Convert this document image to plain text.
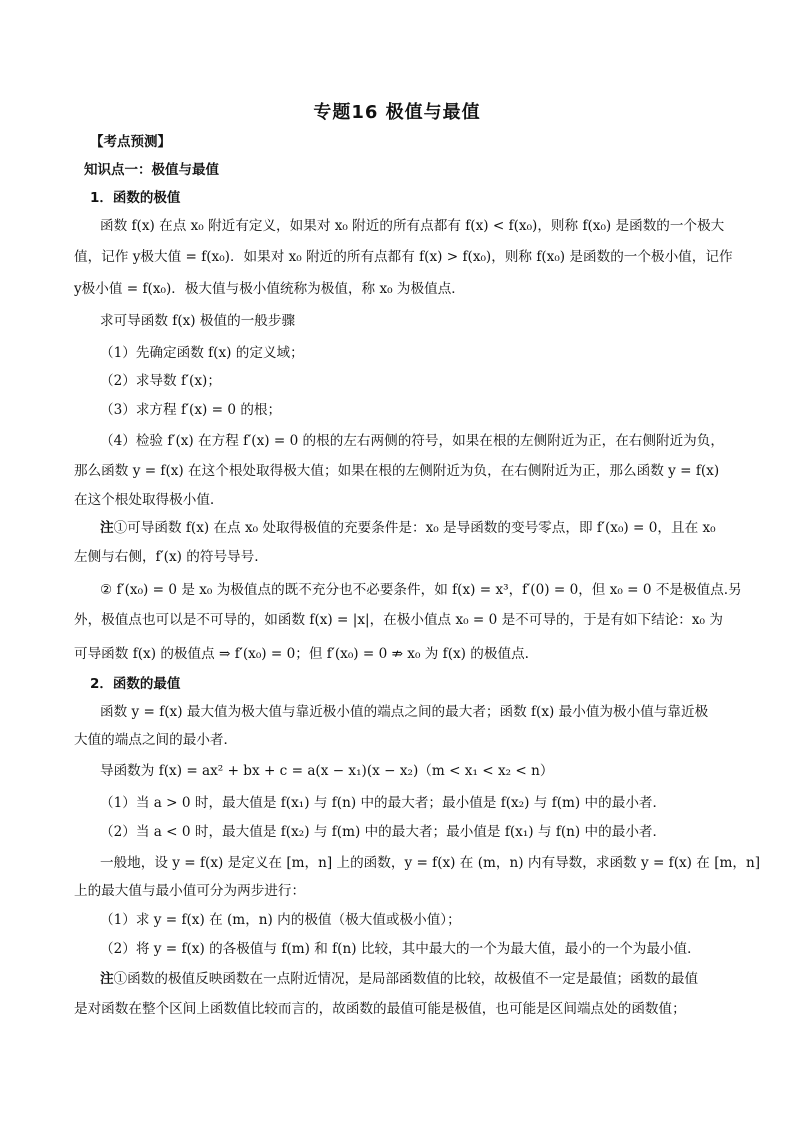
专题16 极值与最值
【考点预测】
知识点一：极值与最值
1．函数的极值
函数 f(x) 在点 x₀ 附近有定义，如果对 x₀ 附近的所有点都有 f(x) < f(x₀)，则称 f(x₀) 是函数的一个极大
值，记作 y极大值 = f(x₀)．如果对 x₀ 附近的所有点都有 f(x) > f(x₀)，则称 f(x₀) 是函数的一个极小值，记作
y极小值 = f(x₀)．极大值与极小值统称为极值，称 x₀ 为极值点．
求可导函数 f(x) 极值的一般步骤
（1）先确定函数 f(x) 的定义域；
（2）求导数 f′(x)；
（3）求方程 f′(x) = 0 的根；
（4）检验 f′(x) 在方程 f′(x) = 0 的根的左右两侧的符号，如果在根的左侧附近为正，在右侧附近为负，
那么函数 y = f(x) 在这个根处取得极大值；如果在根的左侧附近为负，在右侧附近为正，那么函数 y = f(x)
在这个根处取得极小值.
注①可导函数 f(x) 在点 x₀ 处取得极值的充要条件是：x₀ 是导函数的变号零点，即 f′(x₀) = 0，且在 x₀
左侧与右侧，f′(x) 的符号导号.
② f′(x₀) = 0 是 x₀ 为极值点的既不充分也不必要条件，如 f(x) = x³，f′(0) = 0，但 x₀ = 0 不是极值点.另
外，极值点也可以是不可导的，如函数 f(x) = |x|，在极小值点 x₀ = 0 是不可导的，于是有如下结论：x₀ 为
可导函数 f(x) 的极值点 ⇒ f′(x₀) = 0；但 f′(x₀) = 0 ⇏ x₀ 为 f(x) 的极值点.
2．函数的最值
函数 y = f(x) 最大值为极大值与靠近极小值的端点之间的最大者；函数 f(x) 最小值为极小值与靠近极
大值的端点之间的最小者．
导函数为 f(x) = ax² + bx + c = a(x − x₁)(x − x₂)（m < x₁ < x₂ < n）
（1）当 a > 0 时，最大值是 f(x₁) 与 f(n) 中的最大者；最小值是 f(x₂) 与 f(m) 中的最小者．
（2）当 a < 0 时，最大值是 f(x₂) 与 f(m) 中的最大者；最小值是 f(x₁) 与 f(n) 中的最小者．
一般地，设 y = f(x) 是定义在 [m，n] 上的函数，y = f(x) 在 (m，n) 内有导数，求函数 y = f(x) 在 [m，n]
上的最大值与最小值可分为两步进行：
（1）求 y = f(x) 在 (m，n) 内的极值（极大值或极小值）；
（2）将 y = f(x) 的各极值与 f(m) 和 f(n) 比较，其中最大的一个为最大值，最小的一个为最小值．
注①函数的极值反映函数在一点附近情况，是局部函数值的比较，故极值不一定是最值；函数的最值
是对函数在整个区间上函数值比较而言的，故函数的最值可能是极值，也可能是区间端点处的函数值；
